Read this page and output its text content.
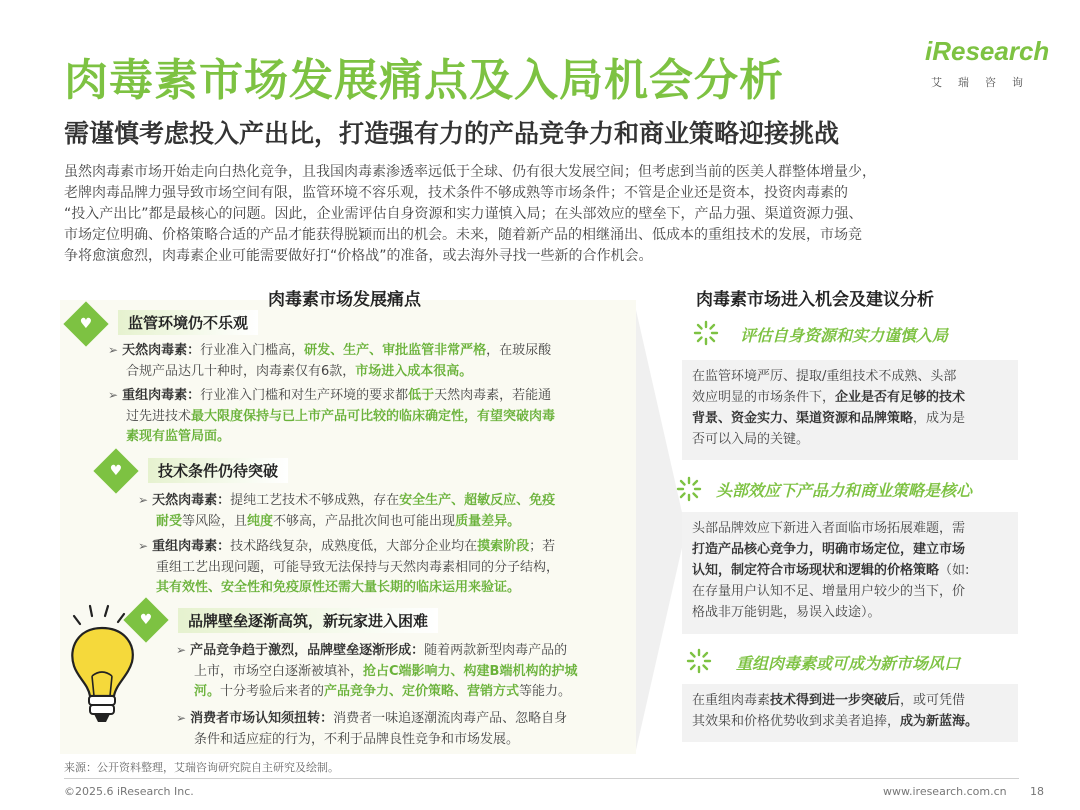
肉毒素市场发展痛点及入局机会分析
需谨慎考虑投入产出比，打造强有力的产品竞争力和商业策略迎接挑战
iResearch
艾瑞咨询

虽然肉毒素市场开始走向白热化竞争，且我国肉毒素渗透率远低于全球、仍有很大发展空间；但考虑到当前的医美人群整体增量少，

老牌肉毒品牌力强导致市场空间有限，监管环境不容乐观，技术条件不够成熟等市场条件；不管是企业还是资本，投资肉毒素的

“投入产出比”都是最核心的问题。因此，企业需评估自身资源和实力谨慎入局；在头部效应的壁垒下，产品力强、渠道资源力强、

市场定位明确、价格策略合适的产品才能获得脱颖而出的机会。未来，随着新产品的相继涌出、低成本的重组技术的发展，市场竞

争将愈演愈烈，肉毒素企业可能需要做好打“价格战”的准备，或去海外寻找一些新的合作机会。

肉毒素市场发展痛点
♥	监管环境仍不乐观

➢ 天然肉毒素：行业准入门槛高，研发、生产、审批监管非常严格，在玻尿酸

合规产品达几十种时，肉毒素仅有6款，市场进入成本很高。

➢ 重组肉毒素：行业准入门槛和对生产环境的要求都低于天然肉毒素，若能通

过先进技术最大限度保持与已上市产品可比较的临床确定性，有望突破肉毒

素现有监管局面。

♥	技术条件仍待突破

➢ 天然肉毒素：提纯工艺技术不够成熟，存在安全生产、超敏反应、免疫

耐受等风险，且纯度不够高，产品批次间也可能出现质量差异。

➢ 重组肉毒素：技术路线复杂，成熟度低，大部分企业均在摸索阶段；若

重组工艺出现问题，可能导致无法保持与天然肉毒素相同的分子结构，

其有效性、安全性和免疫原性还需大量长期的临床运用来验证。

♥	品牌壁垒逐渐高筑，新玩家进入困难

➢ 产品竞争趋于激烈，品牌壁垒逐渐形成：随着两款新型肉毒产品的

上市，市场空白逐渐被填补，抢占C端影响力、构建B端机构的护城

河。十分考验后来者的产品竞争力、定价策略、营销方式等能力。

➢ 消费者市场认知须扭转：消费者一味追逐潮流肉毒产品、忽略自身

条件和适应症的行为，不利于品牌良性竞争和市场发展。

肉毒素市场进入机会及建议分析
评估自身资源和实力谨慎入局

在监管环境严厉、提取/重组技术不成熟、头部

效应明显的市场条件下，企业是否有足够的技术

背景、资金实力、渠道资源和品牌策略，成为是

否可以入局的关键。

头部效应下产品力和商业策略是核心

头部品牌效应下新进入者面临市场拓展难题，需

打造产品核心竞争力，明确市场定位，建立市场

认知，制定符合市场现状和逻辑的价格策略（如:

在存量用户认知不足、增量用户较少的当下，价

格战非万能钥匙，易误入歧途）。

重组肉毒素或可成为新市场风口

在重组肉毒素技术得到进一步突破后，或可凭借

其效果和价格优势收到求美者追捧，成为新蓝海。

来源：公开资料整理，艾瑞咨询研究院自主研究及绘制。
©2025.6 iResearch Inc.	www.iresearch.com.cn 18
